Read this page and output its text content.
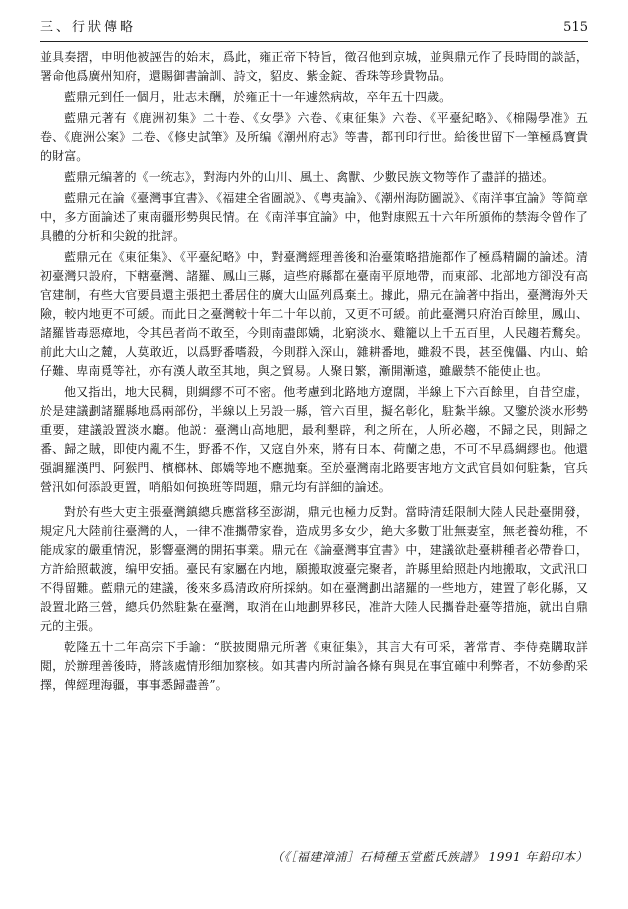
三、行狀傳略	515

並具奏摺，申明他被誣告的始末，爲此，雍正帝下特旨，徵召他到京城，並與鼎元作了長時間的談話，署命他爲廣州知府，還賜御書論訓、詩文，貂皮、紫金錠、香珠等珍貴物品。

藍鼎元到任一個月，壯志未酬，於雍正十一年遽然病故，卒年五十四歲。

藍鼎元著有《鹿洲初集》二十卷、《女學》六卷、《東征集》六卷、《平臺紀略》、《棉陽學准》五卷、《鹿洲公案》二卷、《修史試筆》及所编《潮州府志》等書，都刊印行世。給後世留下一筆極爲寶貴的財富。

藍鼎元编著的《一统志》，對海内外的山川、風土、禽獸、少數民族文物等作了盡詳的描述。

藍鼎元在論《臺灣事宜書》、《福建全省圖説》、《粤夷論》、《潮州海防圖説》、《南洋事宜論》等简章中，多方面論述了東南疆形勢與民情。在《南洋事宜論》中，他對康熙五十六年所頒佈的禁海令曾作了具體的分析和尖銳的批評。

藍鼎元在《東征集》、《平臺紀略》中，對臺灣經理善後和治臺策略措施都作了極爲精闢的論述。清初臺灣只設府，下轄臺灣、諸羅、鳳山三縣，這些府縣都在臺南平原地帶，而東部、北部地方卻没有高官建制，有些大官要員還主張把土番居住的廣大山區列爲棄土。據此，鼎元在論著中指出，臺灣海外天險，較内地更不可緩。而此日之臺灣較十年二十年以前，又更不可緩。前此臺灣只府治百餘里，鳳山、諸羅皆毒惡瘴地，令其邑者尚不敢至，今則南盡郎嬌，北窮淡水、雞籠以上千五百里，人民趨若鶩矣。前此大山之麓，人莫敢近，以爲野番嗜殺，今則群入深山，雜耕番地，雖殺不畏，甚至傀儡、内山、蛤仔難、卑南覓等社，亦有漢人敢至其地，與之貿易。人聚日繁，漸開漸遠，雖嚴禁不能使止也。

他又指出，地大民稠，則綢繆不可不密。他考慮到北路地方遼闊，半線上下六百餘里，自昔空虚，於是建議劃諸羅縣地爲兩部份，半線以上另設一縣，管六百里，擬名彰化，駐紮半線。又鑒於淡水形勢重要，建議設置淡水廳。他説：臺灣山高地肥，最利墾辟，利之所在，人所必趨，不歸之民，則歸之番、歸之賊，即使内亂不生，野番不作，又寇自外來，將有日本、荷蘭之患，不可不早爲綢繆也。他還强調羅漢門、阿猴門、檳榔林、郎嬌等地不應拋棄。至於臺灣南北路要害地方文武官員如何駐紮，官兵營汛如何添設更置，哨船如何换班等問題，鼎元均有詳細的論述。

對於有些大吏主張臺灣鎮總兵應當移至澎湖，鼎元也極力反對。當時清廷限制大陸人民赴臺開發，規定凡大陸前往臺灣的人，一律不准攜帶家眷，造成男多女少，絶大多數丁壯無妻室，無老養幼稚，不能成家的嚴重情況，影響臺灣的開拓事業。鼎元在《論臺灣事宜書》中，建議欲赴臺耕種者必帶眷口，方許給照載渡，编甲安插。臺民有家屬在内地，願搬取渡臺完聚者，許縣里給照赴内地搬取，文武汛口不得留難。藍鼎元的建議，後來多爲清政府所採納。如在臺灣劃出諸羅的一些地方，建置了彰化縣，又設置北路三營，總兵仍然駐紮在臺灣，取消在山地劃界移民，准許大陸人民攜眷赴臺等措施，就出自鼎元的主張。

乾隆五十二年高宗下手諭：“朕披閱鼎元所著《東征集》，其言大有可采，著常青、李侍堯購取詳閲，於辦理善後時，將該處情形细加察核。如其書内所討論各條有與見在事宜確中利弊者，不妨參酌采擇，俾經理海疆，事事悉歸盡善”。

（《［福建漳浦］石椅種玉堂藍氏族譜》 1991 年鉛印本）
